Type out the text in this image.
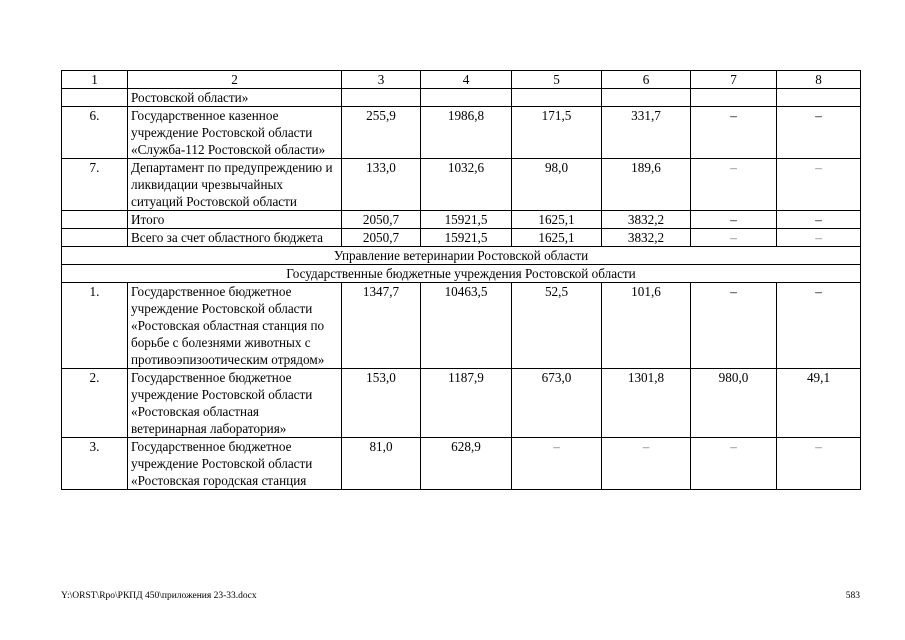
1	2	3	4	5	6	7	8
	Ростовской области»						
6.	Государственное казенное учреждение Ростовской области «Служба-112 Ростовской области»	255,9	1986,8	171,5	331,7	–	–
7.	Департамент по предупреждению и ликвидации чрезвычайных ситуаций Ростовской области	133,0	1032,6	98,0	189,6	–	–
	Итого	2050,7	15921,5	1625,1	3832,2	–	–
	Всего за счет областного бюджета	2050,7	15921,5	1625,1	3832,2	–	–
Управление ветеринарии Ростовской области							
Государственные бюджетные учреждения Ростовской области							
1.	Государственное бюджетное учреждение Ростовской области «Ростовская областная станция по борьбе с болезнями животных с противоэпизоотическим отрядом»	1347,7	10463,5	52,5	101,6	–	–
2.	Государственное бюджетное учреждение Ростовской области «Ростовская областная ветеринарная лаборатория»	153,0	1187,9	673,0	1301,8	980,0	49,1
3.	Государственное бюджетное учреждение Ростовской области «Ростовская городская станция	81,0	628,9	–	–	–	–
Y:\ORST\Rpo\РКПД 450\приложения 23-33.docx	583
